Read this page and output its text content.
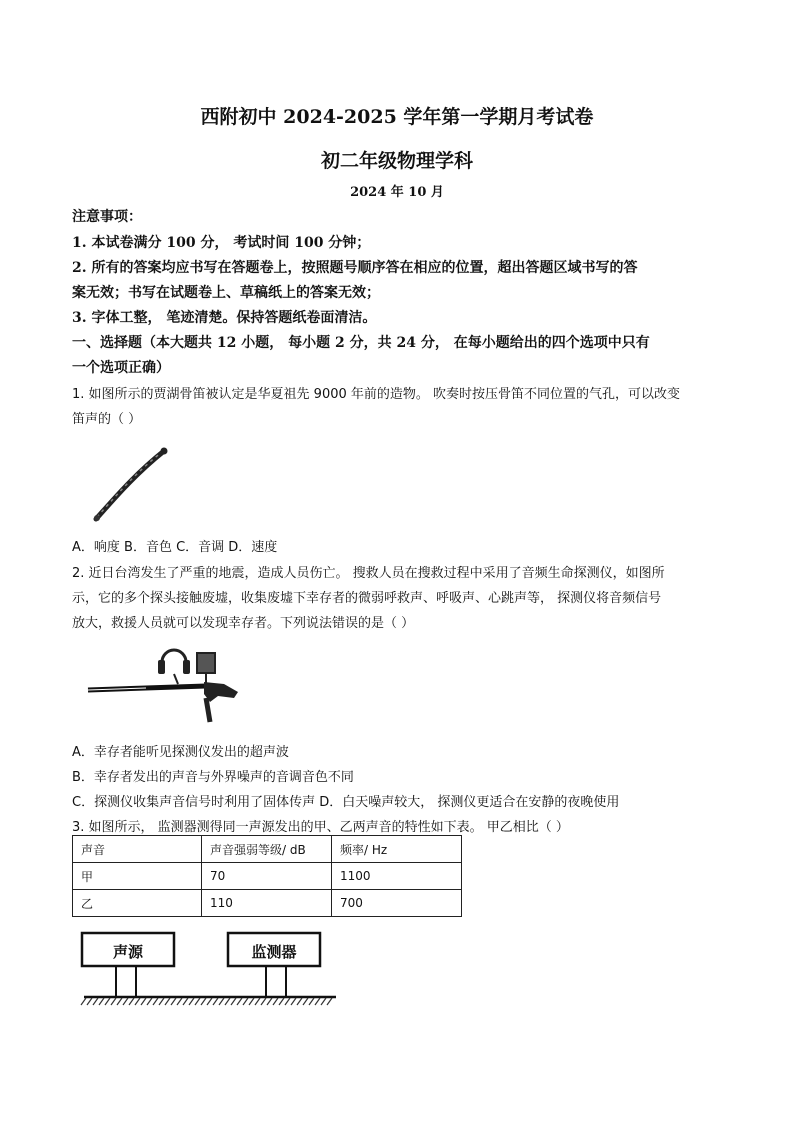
西附初中 2024-2025 学年第一学期月考试卷
初二年级物理学科
2024 年 10 月
注意事项：
1. 本试卷满分 100 分， 考试时间 100 分钟；
2. 所有的答案均应书写在答题卷上，按照题号顺序答在相应的位置，超出答题区域书写的答
案无效；书写在试题卷上、草稿纸上的答案无效；
3. 字体工整， 笔迹清楚。保持答题纸卷面清洁。
一、选择题（本大题共 12 小题， 每小题 2 分，共 24 分， 在每小题给出的四个选项中只有
一个选项正确）
1. 如图所示的贾湖骨笛被认定是华夏祖先 9000 年前的造物。 吹奏时按压骨笛不同位置的气孔，可以改变
笛声的（ ）
A．响度 B．音色 C．音调 D．速度
2. 近日台湾发生了严重的地震，造成人员伤亡。 搜救人员在搜救过程中采用了音频生命探测仪，如图所
示，它的多个探头接触废墟，收集废墟下幸存者的微弱呼救声、呼吸声、心跳声等， 探测仪将音频信号
放大，救援人员就可以发现幸存者。下列说法错误的是（ ）
A．幸存者能听见探测仪发出的超声波
B．幸存者发出的声音与外界噪声的音调音色不同
C．探测仪收集声音信号时利用了固体传声 D．白天噪声较大， 探测仪更适合在安静的夜晚使用
3. 如图所示， 监测器测得同一声源发出的甲、乙两声音的特性如下表。 甲乙相比（ ）
声音	声音强弱等级/ dB	频率/ Hz
甲	70	1100
乙	110	700
声源	监测器
